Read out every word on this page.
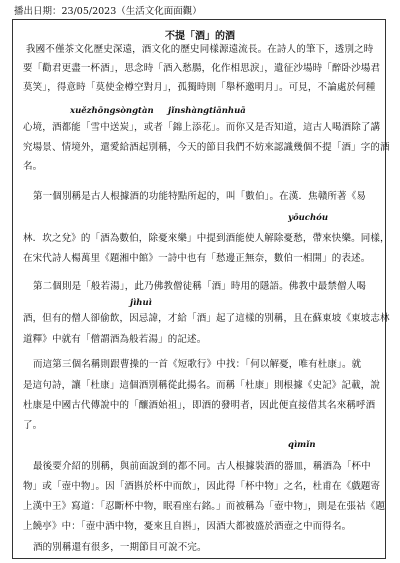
播出日期：23/05/2023（生活文化面面觀）
不提「酒」的酒
我國不僅茶文化歷史深遠，酒文化的歷史同樣源遠流長。在詩人的筆下，透別之時
要「勸君更盡一杯酒」，思念時「酒入愁腸，化作相思淚」，遺征沙場時「醉卧沙場君
莫笑」，得意時「莫使金樽空對月」，孤獨時則「舉杯邀明月」。可見，不論處於何種
xuězhōngsòngtàn jǐnshàngtiānhuā
心境，酒都能「雪中送炭」，或者「錦上添花」。而你又是否知道，這古人喝酒除了講
究場景、情境外，還愛給酒起別稱，今天的節目我們不妨來認識幾個不提「酒」字的酒
名。
第一個別稱是古人根據酒的功能特點所起的，叫「數伯」。在漢．焦贛所著《易
yōuchóu
林．坎之兌》的「酒為數伯，除憂來樂」中提到酒能使人解除憂愁，帶來快樂。同樣，
在宋代詩人楊萬里《題湘中館》一詩中也有「愁邊正無奈，數伯一相開」的表述。
第二個則是「般若湯」，此乃佛教僧徒稱「酒」時用的隱語。佛教中最禁僧人喝
jìhuì
酒，但有的僧人卻偷飲，因忌諱，才給「酒」起了這樣的別稱，且在蘇東坡《東坡志林
道釋》中就有「僧謂酒為般若湯」的記述。
而這第三個名稱則跟曹操的一首《短歌行》中找：「何以解憂，唯有杜康」。就
是這句詩，讓「杜康」這個酒別稱從此揚名。而稱「杜康」則根據《史記》記載，說
杜康是中國古代傳說中的「釀酒始祖」，即酒的發明者，因此便直接借其名來稱呼酒
了。
qìmǐn
最後要介紹的別稱，與前面說到的都不同。古人根據裝酒的器皿，稱酒為「杯中
物」或「壺中物」。因「酒斟於杯中而飲」，因此得「杯中物」之名，杜甫在《戲題寄
上漢中王》寫道：「忍斷杯中物，眠看座右銘。」而被稱為「壺中物」，則是在張祜《題
上饒亭》中：「壺中酒中物，憂來且自斟」，因酒大都被盛於酒壺之中而得名。
酒的別稱還有很多，一期節目可說不完。
